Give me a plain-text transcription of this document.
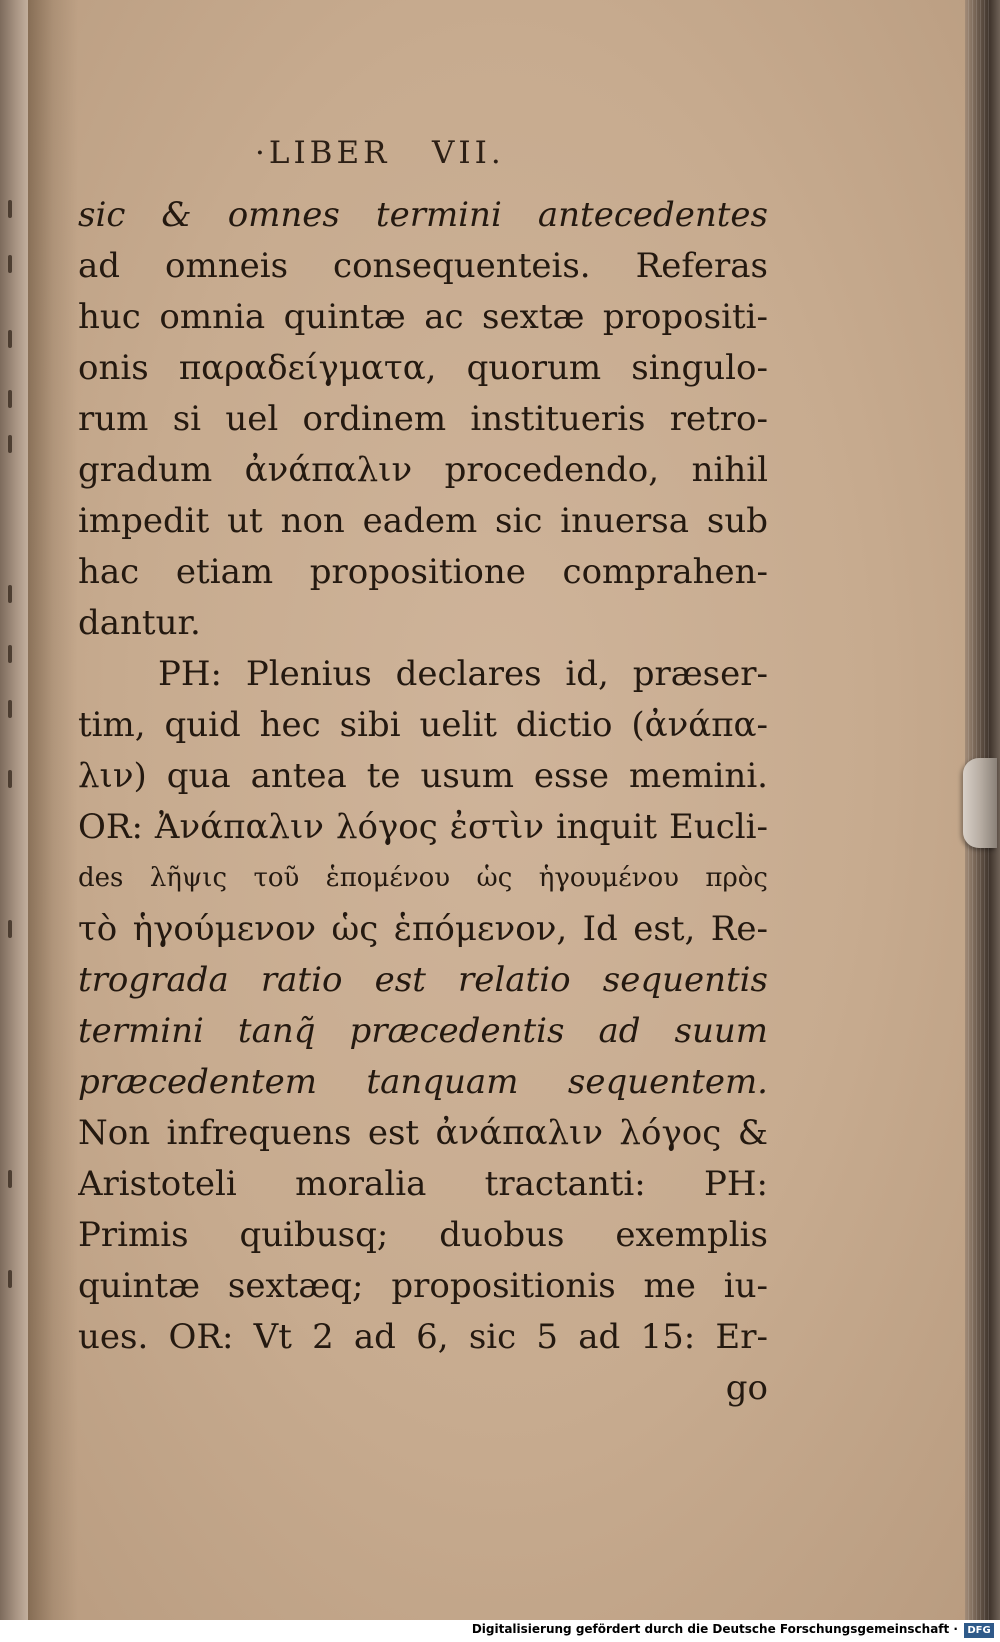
·LIBER   VII.
sic & omnes termini antecedentes
ad omneis consequenteis. Referas
huc omnia quintæ ac sextæ propositi-
onis παραδείγματα, quorum singulo-
rum si uel ordinem institueris retro-
gradum ἀνάπαλιν procedendo, nihil
impedit ut non eadem sic inuersa sub
hac etiam propositione comprahen-
dantur.
PH: Plenius declares id, præser-
tim, quid hec sibi uelit dictio (ἀνάπα-
λιν) qua antea te usum esse memini.
OR: Ἀνάπαλιν λόγος ἐστὶν inquit Eucli-
des λῆψις τοῦ ἑπομένου ὡς ἡγουμένου πρὸς
τὸ ἡγούμενον ὡς ἑπόμενον, Id est, Re-
trograda ratio est relatio sequentis
termini tanq̃ præcedentis ad suum
præcedentem tanquam sequentem.
Non infrequens est ἀνάπαλιν λόγος &
Aristoteli moralia tractanti: PH:
Primis quibusq; duobus exemplis
quintæ sextæq; propositionis me iu-
ues. OR: Vt 2 ad 6, sic 5 ad 15: Er-
go
Digitalisierung gefördert durch die Deutsche Forschungsgemeinschaft · DFG
